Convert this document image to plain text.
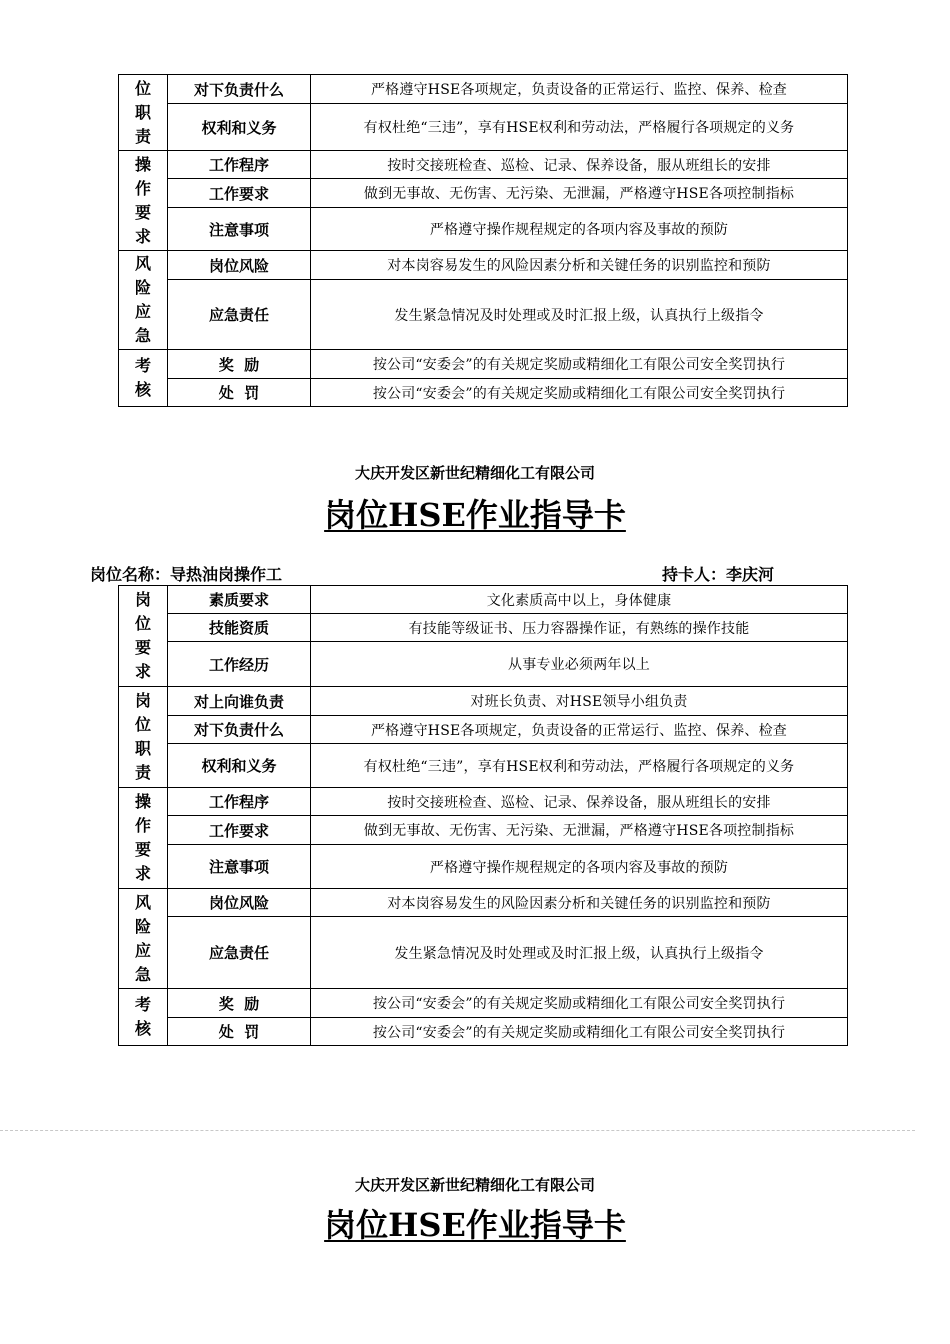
位
职
责	对下负责什么	严格遵守HSE各项规定，负责设备的正常运行、监控、保养、检查
	权利和义务	有权杜绝“三违”，享有HSE权利和劳动法，严格履行各项规定的义务

操
作
要
求	工作程序	按时交接班检查、巡检、记录、保养设备，服从班组长的安排
	工作要求	做到无事故、无伤害、无污染、无泄漏，严格遵守HSE各项控制指标
	注意事项	严格遵守操作规程规定的各项内容及事故的预防

风
险
应
急	岗位风险	对本岗容易发生的风险因素分析和关键任务的识别监控和预防
	应急责任	发生紧急情况及时处理或及时汇报上级，认真执行上级指令

考
核	奖  励	按公司“安委会”的有关规定奖励或精细化工有限公司安全奖罚执行
	处  罚	按公司“安委会”的有关规定奖励或精细化工有限公司安全奖罚执行
大庆开发区新世纪精细化工有限公司
岗位HSE作业指导卡
岗位名称：导热油岗操作工	持卡人：李庆河
岗
位
要
求	素质要求	文化素质高中以上，身体健康
	技能资质	有技能等级证书、压力容器操作证，有熟练的操作技能
	工作经历	从事专业必须两年以上

岗
位
职
责	对上向谁负责	对班长负责、对HSE领导小组负责
	对下负责什么	严格遵守HSE各项规定，负责设备的正常运行、监控、保养、检查
	权利和义务	有权杜绝“三违”，享有HSE权利和劳动法，严格履行各项规定的义务

操
作
要
求	工作程序	按时交接班检查、巡检、记录、保养设备，服从班组长的安排
	工作要求	做到无事故、无伤害、无污染、无泄漏，严格遵守HSE各项控制指标
	注意事项	严格遵守操作规程规定的各项内容及事故的预防

风
险
应
急	岗位风险	对本岗容易发生的风险因素分析和关键任务的识别监控和预防
	应急责任	发生紧急情况及时处理或及时汇报上级，认真执行上级指令

考
核	奖  励	按公司“安委会”的有关规定奖励或精细化工有限公司安全奖罚执行
	处  罚	按公司“安委会”的有关规定奖励或精细化工有限公司安全奖罚执行
大庆开发区新世纪精细化工有限公司
岗位HSE作业指导卡
